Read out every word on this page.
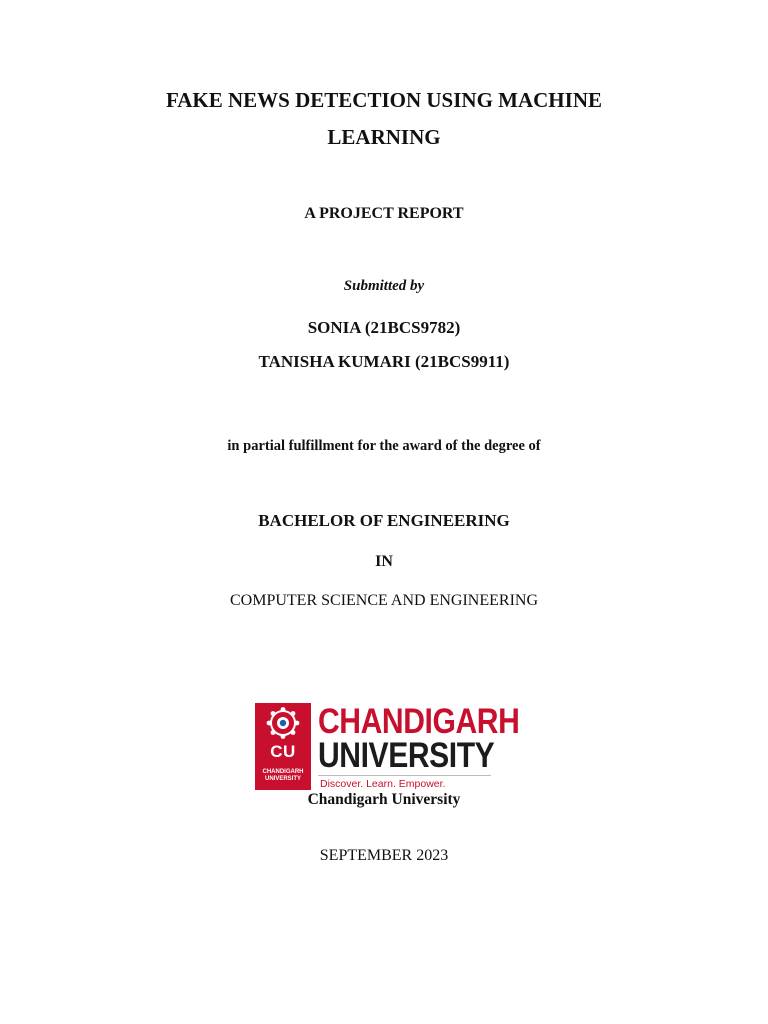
FAKE NEWS DETECTION USING MACHINE
LEARNING
A PROJECT REPORT
Submitted by
SONIA (21BCS9782)
TANISHA KUMARI (21BCS9911)
in partial fulfillment for the award of the degree of
BACHELOR OF ENGINEERING
IN
COMPUTER SCIENCE AND ENGINEERING
CU
CHANDIGARH
UNIVERSITY
CHANDIGARH
UNIVERSITY
Discover. Learn. Empower.
Chandigarh University
SEPTEMBER 2023
